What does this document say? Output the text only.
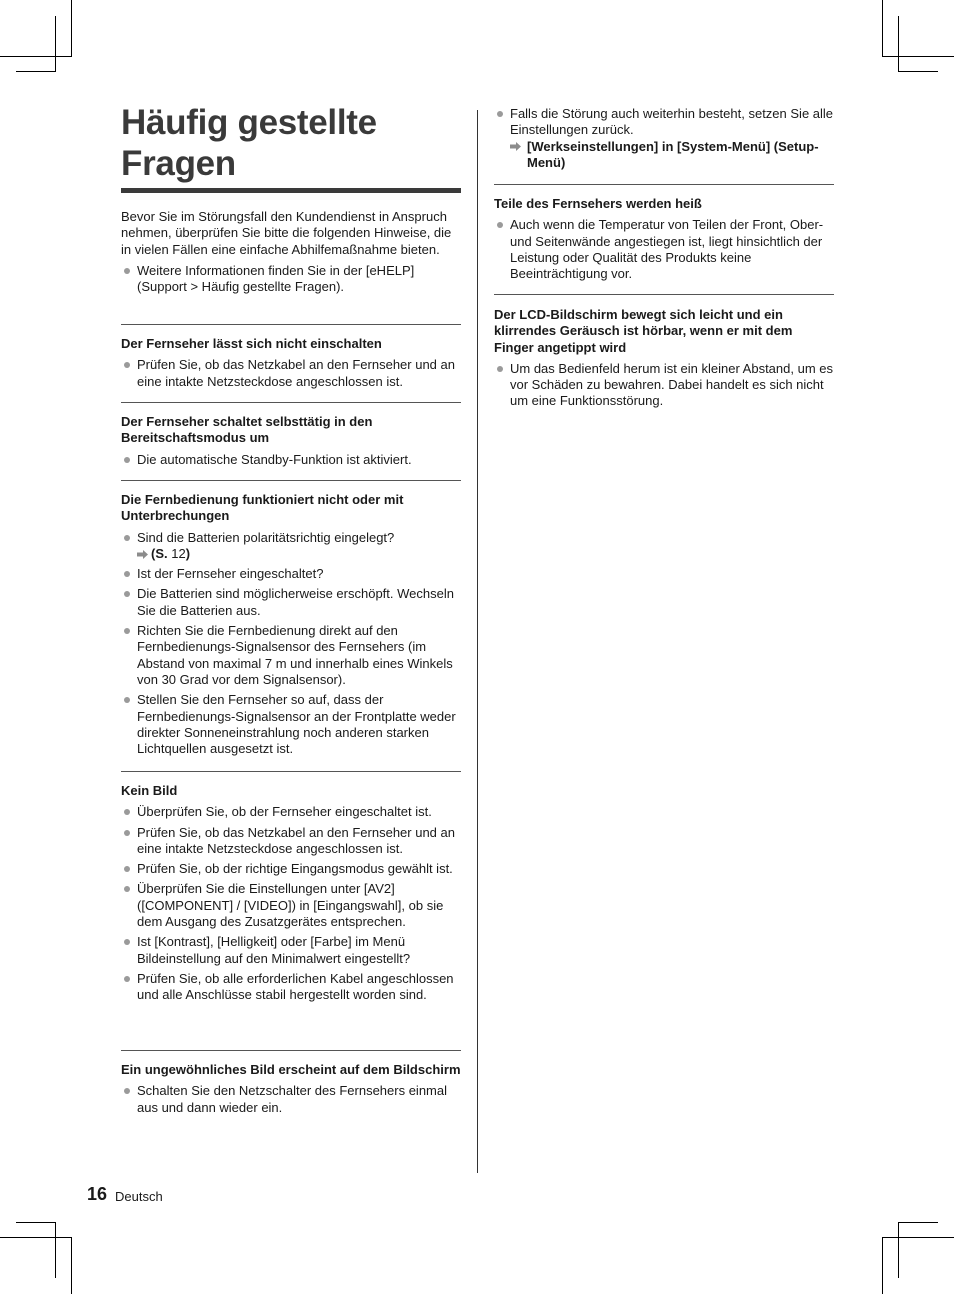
Häufig gestellte
Fragen

Bevor Sie im Störungsfall den Kundendienst in Anspruch nehmen, überprüfen Sie bitte die folgenden Hinweise, die in vielen Fällen eine einfache Abhilfemaßnahme bieten.

Weitere Informationen finden Sie in der [eHELP] (Support > Häufig gestellte Fragen).

Der Fernseher lässt sich nicht einschalten

Prüfen Sie, ob das Netzkabel an den Fernseher und an eine intakte Netzsteckdose angeschlossen ist.

Der Fernseher schaltet selbsttätig in den Bereitschaftsmodus um

Die automatische Standby-Funktion ist aktiviert.

Die Fernbedienung funktioniert nicht oder mit Unterbrechungen

Sind die Batterien polaritätsrichtig eingelegt?
(S. 12)
Ist der Fernseher eingeschaltet?
Die Batterien sind möglicherweise erschöpft. Wechseln Sie die Batterien aus.
Richten Sie die Fernbedienung direkt auf den Fernbedienungs-Signalsensor des Fernsehers (im Abstand von maximal 7 m und innerhalb eines Winkels von 30 Grad vor dem Signalsensor).
Stellen Sie den Fernseher so auf, dass der Fernbedienungs-Signalsensor an der Frontplatte weder direkter Sonneneinstrahlung noch anderen starken Lichtquellen ausgesetzt ist.

Kein Bild

Überprüfen Sie, ob der Fernseher eingeschaltet ist.
Prüfen Sie, ob das Netzkabel an den Fernseher und an eine intakte Netzsteckdose angeschlossen ist.
Prüfen Sie, ob der richtige Eingangsmodus gewählt ist.
Überprüfen Sie die Einstellungen unter [AV2] ([COMPONENT] / [VIDEO]) in [Eingangswahl], ob sie dem Ausgang des Zusatzgerätes entsprechen.
Ist [Kontrast], [Helligkeit] oder [Farbe] im Menü Bildeinstellung auf den Minimalwert eingestellt?
Prüfen Sie, ob alle erforderlichen Kabel angeschlossen und alle Anschlüsse stabil hergestellt worden sind.

Ein ungewöhnliches Bild erscheint auf dem Bildschirm

Schalten Sie den Netzschalter des Fernsehers einmal aus und dann wieder ein.
Falls die Störung auch weiterhin besteht, setzen Sie alle Einstellungen zurück.
[Werkseinstellungen] in [System-Menü] (Setup-Menü)

Teile des Fernsehers werden heiß

Auch wenn die Temperatur von Teilen der Front, Ober- und Seitenwände angestiegen ist, liegt hinsichtlich der Leistung oder Qualität des Produkts keine Beeinträchtigung vor.

Der LCD-Bildschirm bewegt sich leicht und ein klirrendes Geräusch ist hörbar, wenn er mit dem Finger angetippt wird

Um das Bedienfeld herum ist ein kleiner Abstand, um es vor Schäden zu bewahren. Dabei handelt es sich nicht um eine Funktionsstörung.
16 Deutsch
